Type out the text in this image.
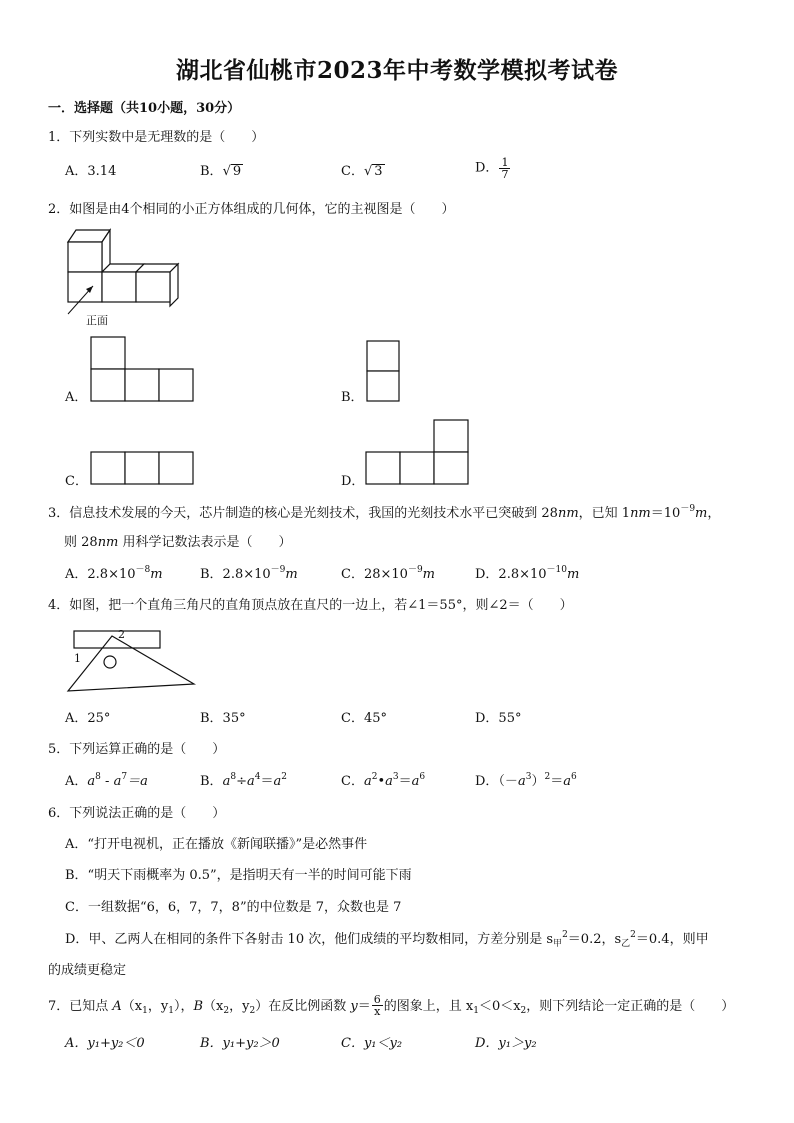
湖北省仙桃市2023年中考数学模拟考试卷
一．选择题（共10小题，30分）
1．下列实数中是无理数的是（　　）
A．3.14	B．√ 9	C．√ 3	D． $\frac{1}{7}$
2．如图是由4个相同的小正方体组成的几何体，它的主视图是（　　）
正面
A．	B．
C．	D．
3．信息技术发展的今天，芯片制造的核心是光刻技术，我国的光刻技术水平已突破到 28nm，已知 $1nm=10^{-9}m$，
则 28nm 用科学记数法表示是（　　）
A．$2.8\times 10^{-8}m$	B．$2.8\times 10^{-9}m$	C．$28\times 10^{-9}m$	D．$2.8\times 10^{-10}m$
4．如图，把一个直角三角尺的直角顶点放在直尺的一边上，若∠1＝55°，则∠2＝（　　）
1
2
A．25°	B．35°	C．45°	D．55°
5．下列运算正确的是（　　）
A．$a^8 - a^7=a$	B．$a^8\div a^4=a^2$	C．$a^2•a^3=a^6$	D．$(-a^3)^2=a^6$
6．下列说法正确的是（　　）
A．“打开电视机，正在播放《新闻联播》”是必然事件
B．“明天下雨概率为 0.5”，是指明天有一半的时间可能下雨
C．一组数据“6，6，7，7，8”的中位数是 7，众数也是 7
D．甲、乙两人在相同的条件下各射击 10 次，他们成绩的平均数相同，方差分别是 $s_甲^2=0.2$，$s_乙^2=0.4$，则甲
的成绩更稳定
7．已知点 $A(x_1$，$y_1$），$B(x_2$，$y_2$）在反比例函数 $y= \frac{6}{x}$ 的图象上，且 $x_1<0<x_2$，则下列结论一定正确的是（　　）
A．y₁+y₂＜0	B．y₁+y₂＞0	C．y₁＜y₂	D．y₁＞y₂
